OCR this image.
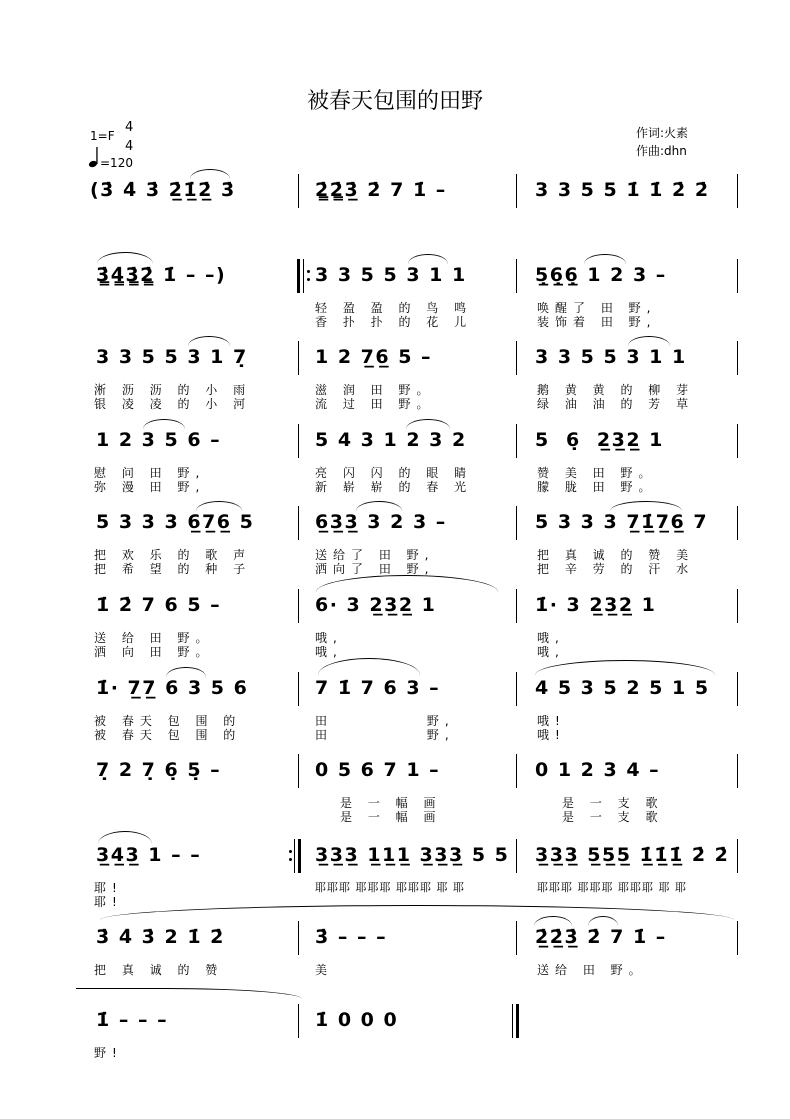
被春天包围的田野
1=F
4
4
=120
作词:火素
作曲:dhn
(3̇ 4̇ 3̇ 2̲̇1̲̇2̲̇ 3̇	2̳̇2̳̇3̲̇ 2̇ 7 1̇ –	3 3 5 5 1̇ 1̇ 2̇ 2̇
3̳̇4̳̇3̳̇2̳̇ 1̇ – –)	3 3 5 5 3 1 1	5̣̲6̣̲6̣̲ 1 2 3 –
轻 盈 盈 的 鸟 鸣	唤醒了 田 野,
香 扑 扑 的 花 儿	装饰着 田 野,
3 3 5 5 3 1 7̣	1 2 7̲6̲ 5 –	3 3 5 5 3 1 1
淅 沥 沥 的 小 雨	滋 润 田 野。	鹅 黄 黄 的 柳 芽
银 凌 凌 的 小 河	流 过 田 野。	绿 油 油 的 芳 草
1 2 3 5 6 –	5 4 3 1 2 3 2	5  6̣  2̲3̲2̲ 1
慰 问 田 野,	亮 闪 闪 的 眼 睛	赞 美 田 野。
弥 漫 田 野,	新 崭 崭 的 春 光	朦 胧 田 野。
5 3 3 3 6̲7̲6̲ 5	6̲3̲3̲ 3 2 3 –	5 3 3 3 7̲1̲̇7̲6̲ 7
把 欢 乐 的 歌 声	送给了 田 野,	把 真 诚 的 赞 美
把 希 望 的 种 子	洒向了 田 野,	把 辛 劳 的 汗 水
1̇ 2̇ 7 6 5 –	6· 3 2̲3̲2̲ 1	1̇· 3 2̲3̲2̲ 1
送 给 田 野。	哦,	哦,
洒 向 田 野。	哦,	哦,
1̇· 7̲7̲ 6 3 5 6	7 1̇ 7 6 3 –	4 5 3 5 2 5 1 5
被 春天 包 围 的	田 野,	哦!
被 春天 包 围 的	田 野,	哦!
7̣ 2 7̣ 6̣ 5̣ –	0 5 6 7 1 –	0 1 2 3 4 –
是 一 幅 画	是 一 支 歌
是 一 幅 画	是 一 支 歌
3̲4̲3̲ 1 – –	3̲3̲3̲ 1̲1̲1̲ 3̲3̲3̲ 5 5 3̲3̲3̲ 5̲5̲5̲ 1̲̇1̲̇1̲̇ 2̇ 2̇
耶!	耶耶耶 耶耶耶 耶耶耶 耶 耶	耶耶耶 耶耶耶 耶耶耶 耶 耶
耶!
3̇ 4̇ 3̇ 2 1̇ 2̇	3̇ – – –	2̲̇2̲̇3̲̇ 2̇ 7 1̇ –
把 真 诚 的 赞	美	送给 田 野。
1̇ – – –	1̇ 0 0 0
野!
